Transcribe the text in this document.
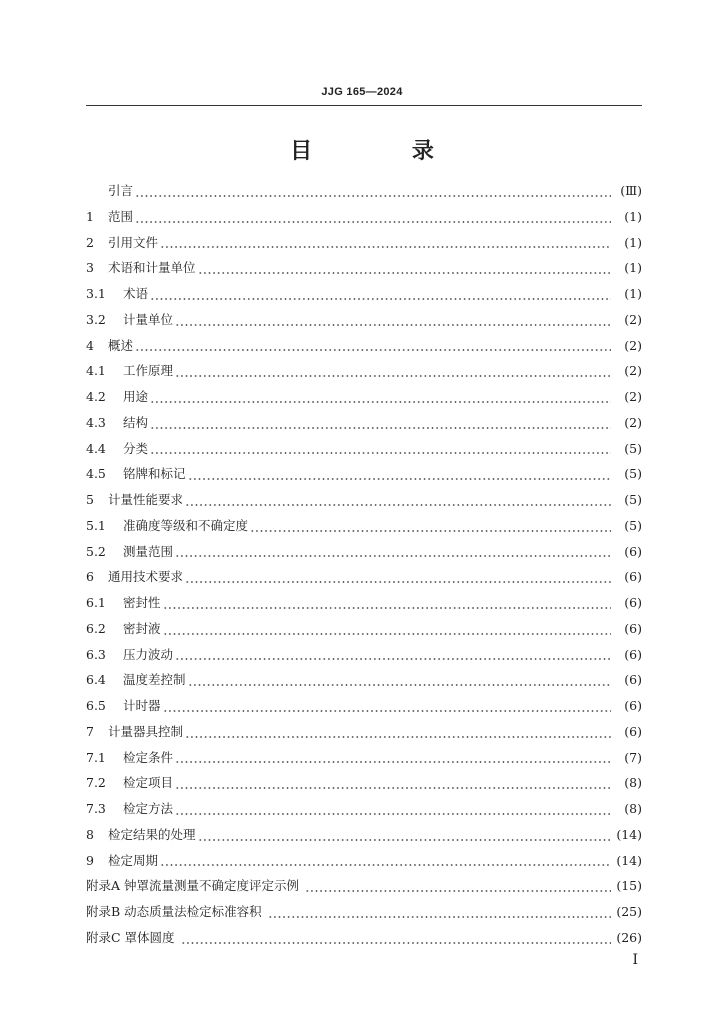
JJG 165—2024
目 录
引言	(Ⅲ)
1	范围	(1)
2	引用文件	(1)
3	术语和计量单位	(1)
3.1	术语	(1)
3.2	计量单位	(2)
4	概述	(2)
4.1	工作原理	(2)
4.2	用途	(2)
4.3	结构	(2)
4.4	分类	(5)
4.5	铭牌和标记	(5)
5	计量性能要求	(5)
5.1	准确度等级和不确定度	(5)
5.2	测量范围	(6)
6	通用技术要求	(6)
6.1	密封性	(6)
6.2	密封液	(6)
6.3	压力波动	(6)
6.4	温度差控制	(6)
6.5	计时器	(6)
7	计量器具控制	(6)
7.1	检定条件	(7)
7.2	检定项目	(8)
7.3	检定方法	(8)
8	检定结果的处理	(14)
9	检定周期	(14)
附录A 钟罩流量测量不确定度评定示例	(15)
附录B 动态质量法检定标准容积	(25)
附录C 罩体圆度	(26)
I
